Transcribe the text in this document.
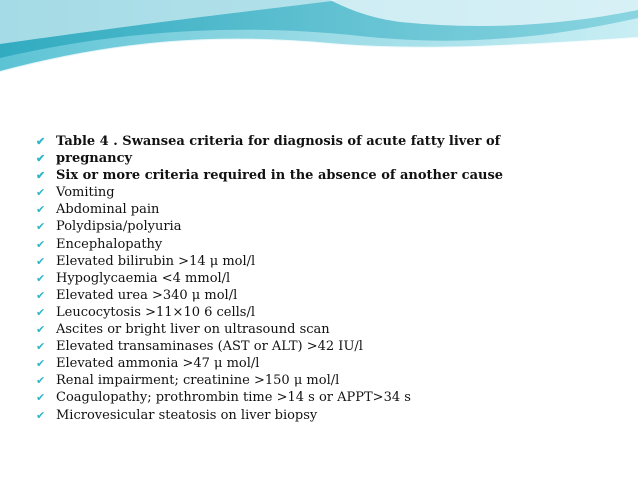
✔ Table 4 . Swansea criteria for diagnosis of acute fatty liver of
✔ pregnancy
✔ Six or more criteria required in the absence of another cause
✔ Vomiting
✔ Abdominal pain
✔ Polydipsia/polyuria
✔ Encephalopathy
✔ Elevated bilirubin >14 μ mol/l
✔ Hypoglycaemia <4 mmol/l
✔ Elevated urea >340 μ mol/l
✔ Leucocytosis >11×10 6 cells/l
✔ Ascites or bright liver on ultrasound scan
✔ Elevated transaminases (AST or ALT) >42 IU/l
✔ Elevated ammonia >47 μ mol/l
✔ Renal impairment; creatinine >150 μ mol/l
✔ Coagulopathy; prothrombin time >14 s or APPT>34 s
✔ Microvesicular steatosis on liver biopsy
